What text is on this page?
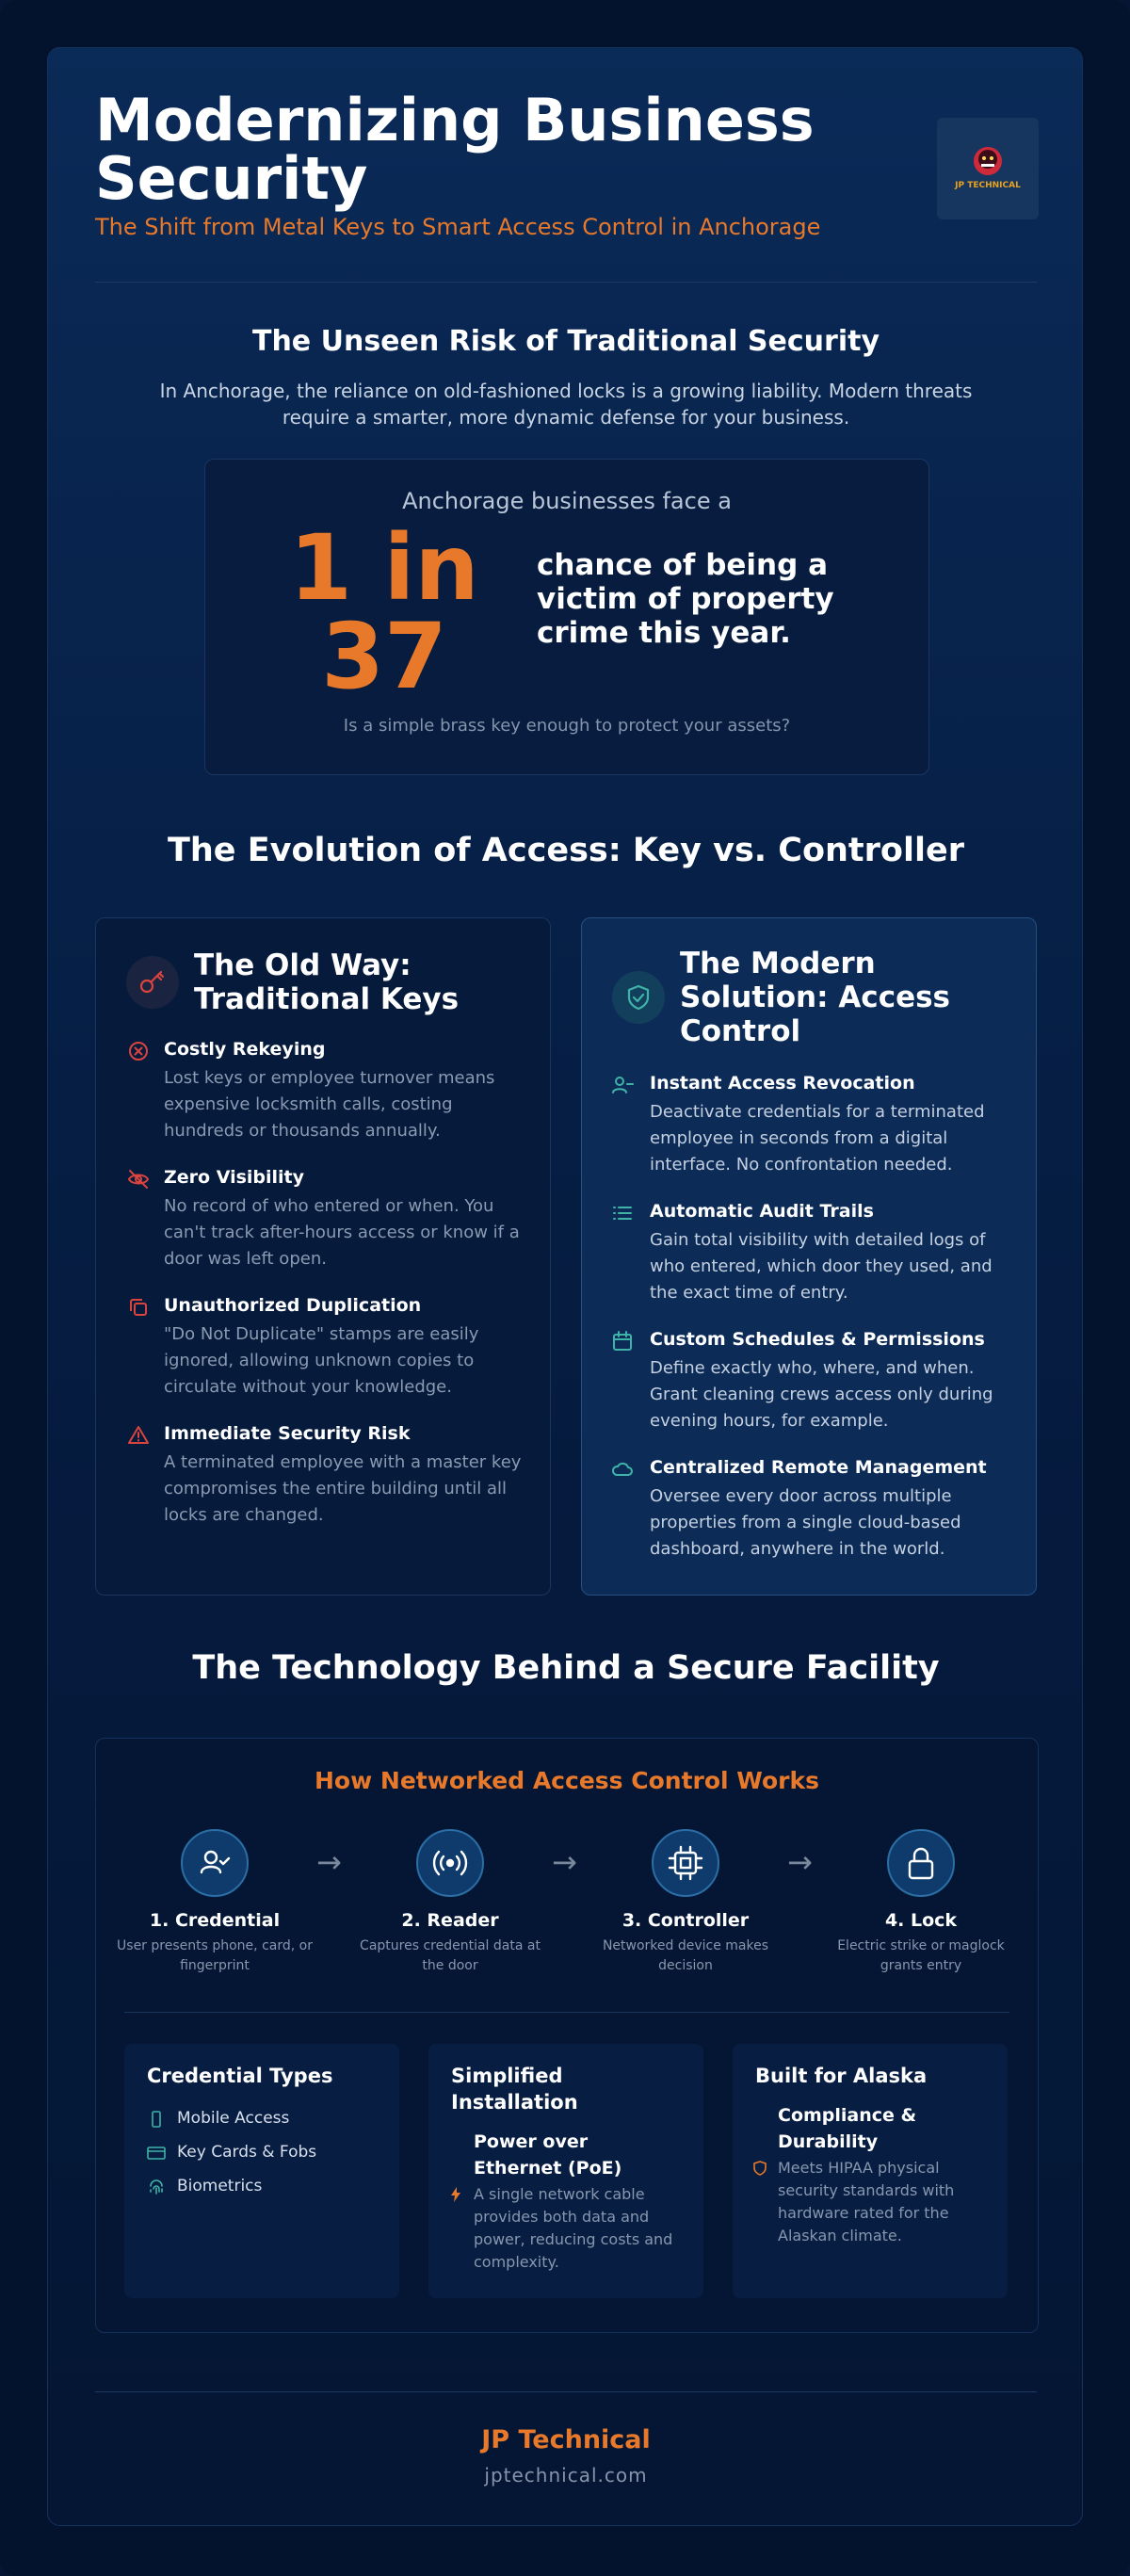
Modernizing Business Security
The Shift from Metal Keys to Smart Access Control in Anchorage
JP TECHNICAL
The Unseen Risk of Traditional Security
In Anchorage, the reliance on old-fashioned locks is a growing liability. Modern threats require a smarter, more dynamic defense for your business.
Anchorage businesses face a
1 in
37
chance of being a victim of property crime this year.
Is a simple brass key enough to protect your assets?
The Evolution of Access: Key vs. Controller
The Old Way: Traditional Keys
Costly Rekeying
Lost keys or employee turnover means expensive locksmith calls, costing hundreds or thousands annually.
Zero Visibility
No record of who entered or when. You can't track after-hours access or know if a door was left open.
Unauthorized Duplication
"Do Not Duplicate" stamps are easily ignored, allowing unknown copies to circulate without your knowledge.
Immediate Security Risk
A terminated employee with a master key compromises the entire building until all locks are changed.
The Modern Solution: Access Control
Instant Access Revocation
Deactivate credentials for a terminated employee in seconds from a digital interface. No confrontation needed.
Automatic Audit Trails
Gain total visibility with detailed logs of who entered, which door they used, and the exact time of entry.
Custom Schedules & Permissions
Define exactly who, where, and when. Grant cleaning crews access only during evening hours, for example.
Centralized Remote Management
Oversee every door across multiple properties from a single cloud-based dashboard, anywhere in the world.
The Technology Behind a Secure Facility
How Networked Access Control Works
1. Credential
User presents phone, card, or fingerprint
→
2. Reader
Captures credential data at the door
→
3. Controller
Networked device makes decision
→
4. Lock
Electric strike or maglock grants entry
Credential Types
Mobile Access
Key Cards & Fobs
Biometrics
Simplified Installation
Power over Ethernet (PoE)
A single network cable provides both data and power, reducing costs and complexity.
Built for Alaska
Compliance & Durability
Meets HIPAA physical security standards with hardware rated for the Alaskan climate.
JP Technical
jptechnical.com
